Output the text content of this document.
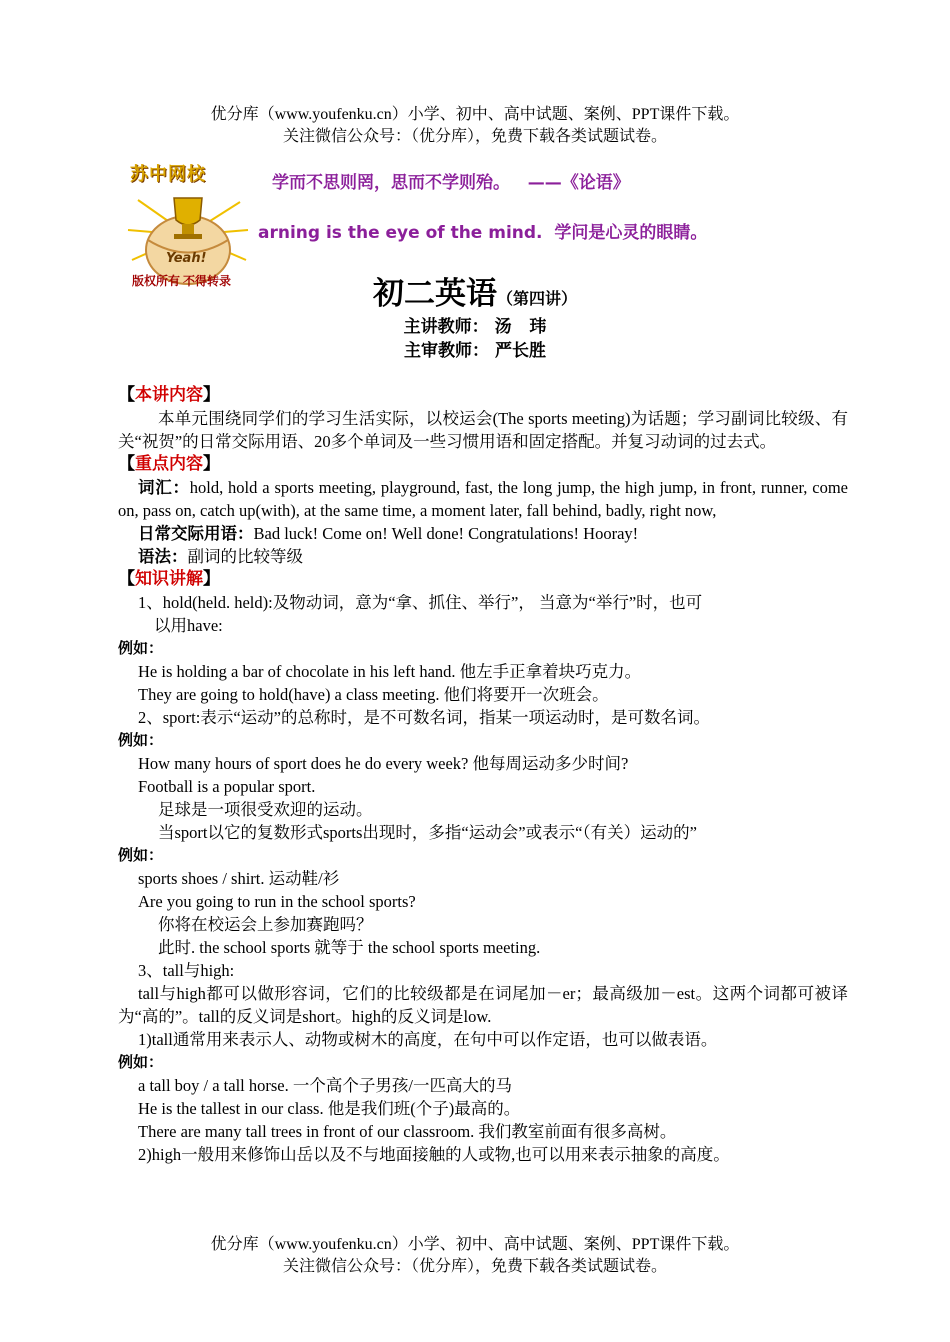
优分库（www.youfenku.cn）小学、初中、高中试题、案例、PPT课件下载。
关注微信公众号：（优分库），免费下载各类试题试卷。
苏中网校
Yeah!
版权所有 不得转录
学而不思则罔，思而不学则殆。   ——《论语》
arning is the eye of the mind.  学问是心灵的眼睛。
初二英语（第四讲）
主讲教师： 汤   玮
主审教师： 严长胜

【本讲内容】

本单元围绕同学们的学习生活实际，以校运会(The sports meeting)为话题；学习副词比较级、有关“祝贺”的日常交际用语、20多个单词及一些习惯用语和固定搭配。并复习动词的过去式。

【重点内容】

词汇：hold, hold a sports meeting, playground, fast, the long jump, the high jump, in front, runner, come on, pass on, catch up(with), at the same time, a moment later, fall behind, badly, right now,

日常交际用语：Bad luck! Come on! Well done! Congratulations! Hooray!

语法：副词的比较等级

【知识讲解】

1、hold(held. held):及物动词，意为“拿、抓住、举行”， 当意为“举行”时，也可

以用have:

例如：

He is holding a bar of chocolate in his left hand. 他左手正拿着块巧克力。

They are going to hold(have) a class meeting. 他们将要开一次班会。

2、sport:表示“运动”的总称时，是不可数名词，指某一项运动时，是可数名词。

例如：

How many hours of sport does he do every week? 他每周运动多少时间?

Football is a popular sport.

足球是一项很受欢迎的运动。

当sport以它的复数形式sports出现时，多指“运动会”或表示“（有关）运动的”

例如：

sports shoes / shirt. 运动鞋/衫

Are you going to run in the school sports?

你将在校运会上参加赛跑吗？

此时. the school sports 就等于 the school sports meeting.

3、tall与high:

tall与high都可以做形容词，它们的比较级都是在词尾加－er；最高级加－est。这两个词都可被译为“高的”。tall的反义词是short。high的反义词是low.

1)tall通常用来表示人、动物或树木的高度，在句中可以作定语，也可以做表语。

例如：

a tall boy / a tall horse. 一个高个子男孩/一匹高大的马

He is the tallest in our class. 他是我们班(个子)最高的。

There are many tall trees in front of our classroom. 我们教室前面有很多高树。

2)high一般用来修饰山岳以及不与地面接触的人或物,也可以用来表示抽象的高度。

优分库（www.youfenku.cn）小学、初中、高中试题、案例、PPT课件下载。
关注微信公众号：（优分库），免费下载各类试题试卷。
